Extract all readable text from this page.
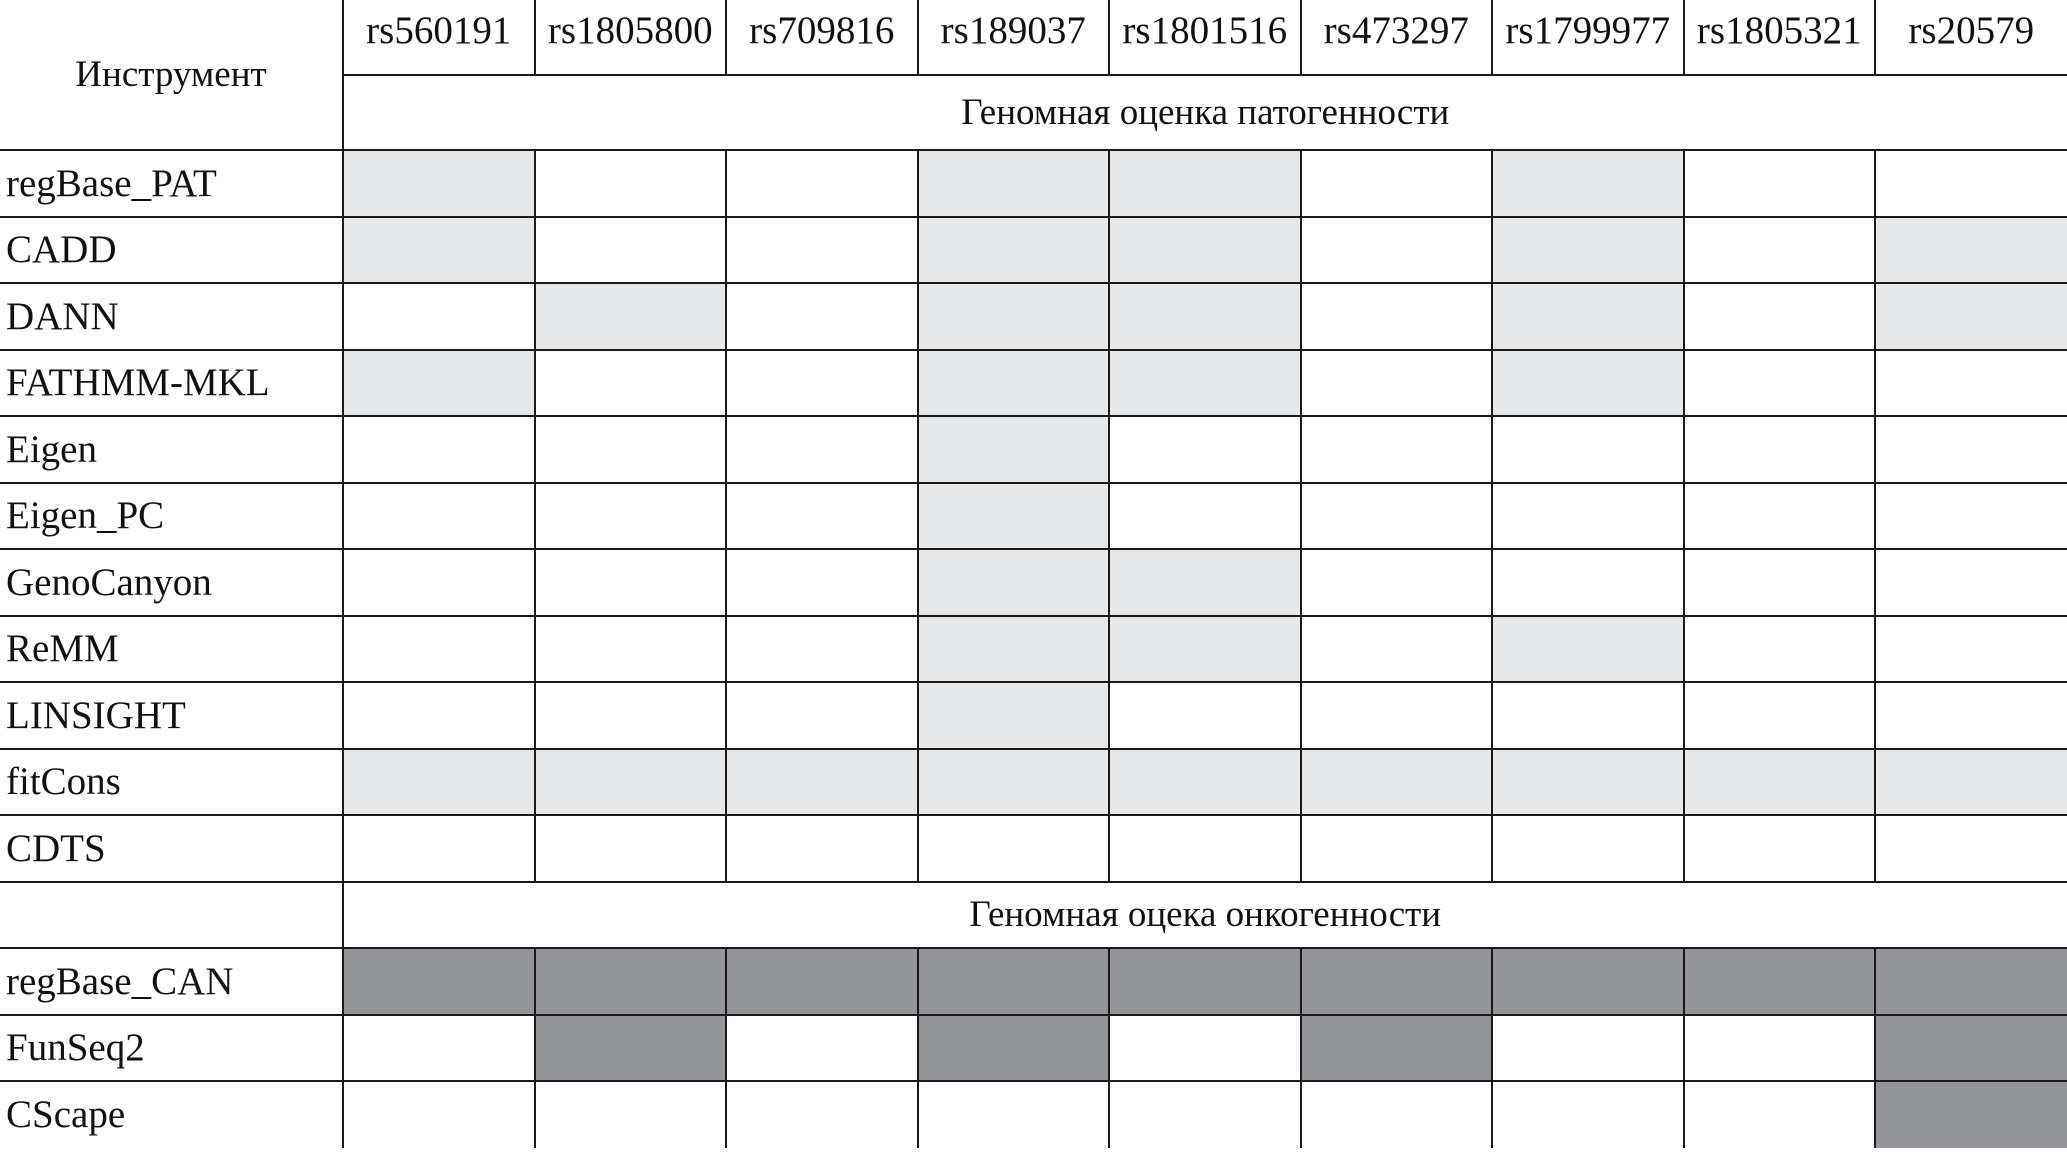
Инструмент	rs560191	rs1805800	rs709816	rs189037	rs1801516	rs473297	rs1799977	rs1805321	rs20579
	Геномная оценка патогенности								
regBase_PAT									
CADD									
DANN									
FATHMM-MKL									
Eigen									
Eigen_PC									
GenoCanyon									
ReMM									
LINSIGHT									
fitCons									
CDTS									
	Геномная оцека онкогенности								
regBase_CAN									
FunSeq2									
CScape									
